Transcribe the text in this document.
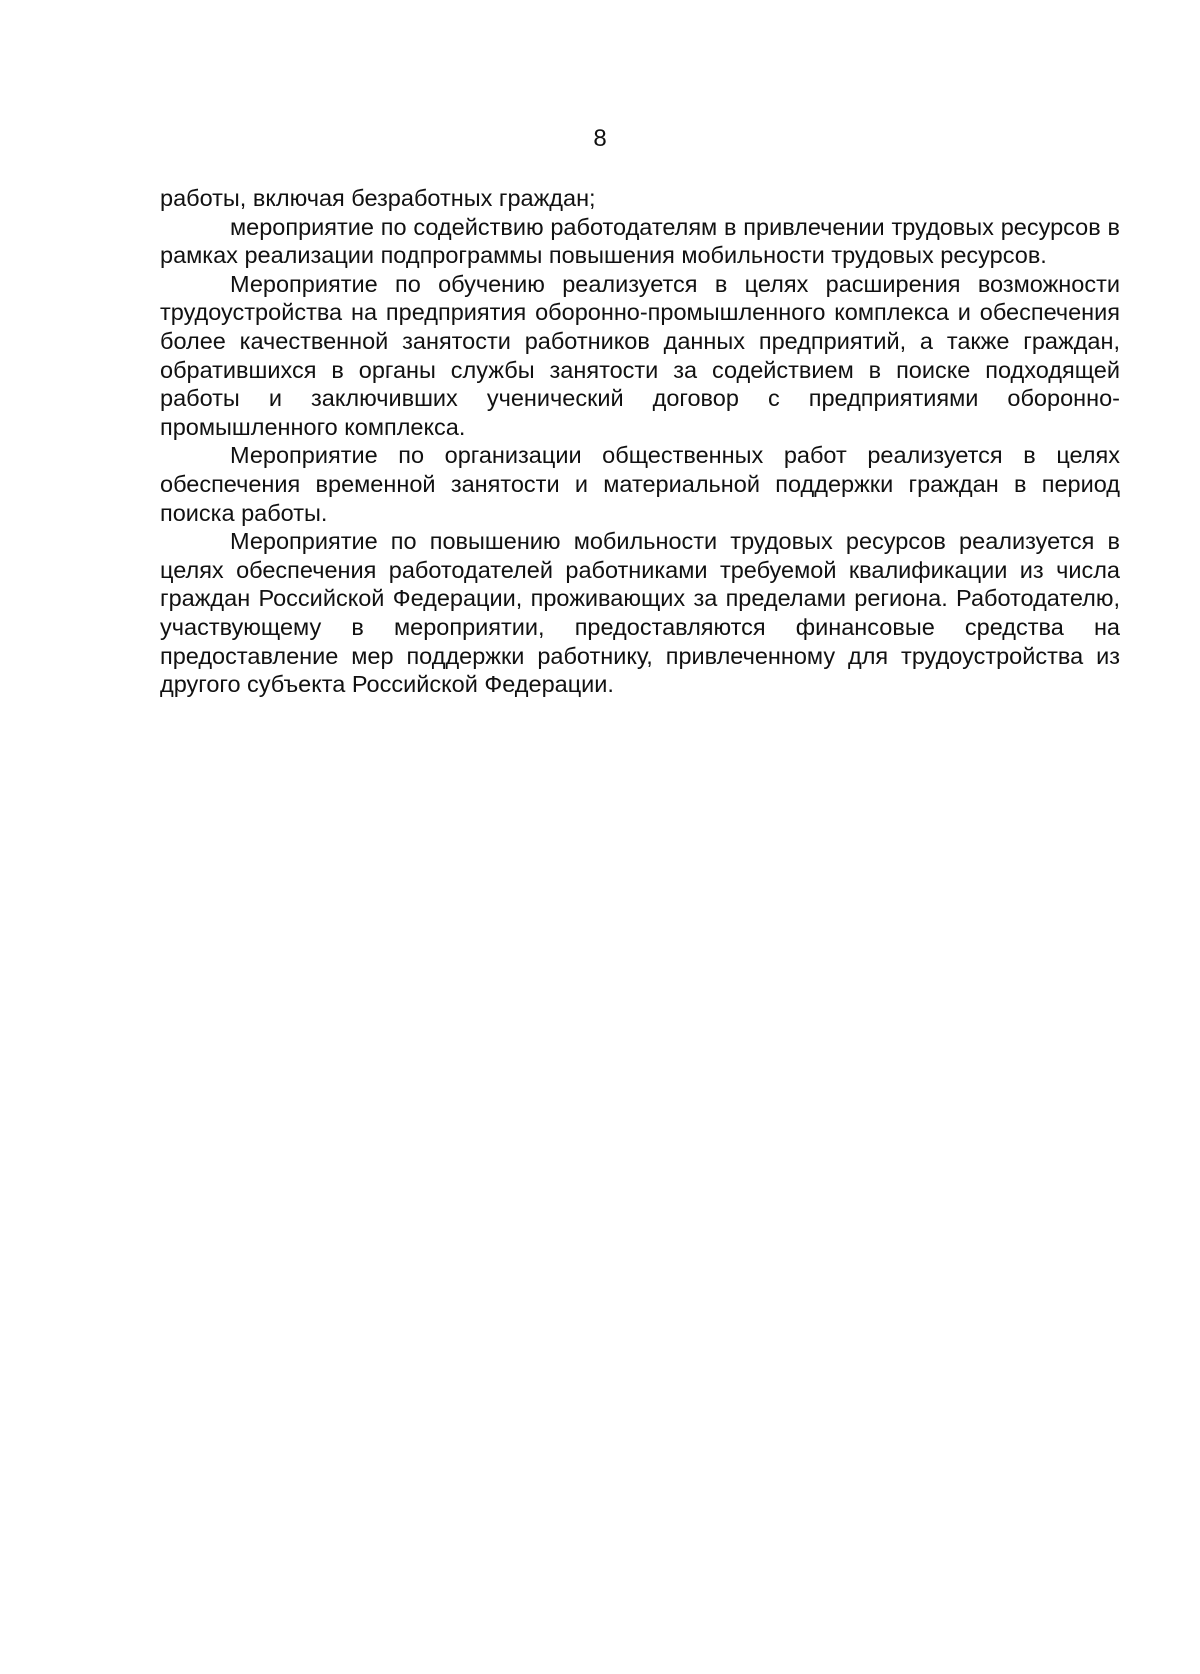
8

работы, включая безработных граждан;

мероприятие по содействию работодателям в привлечении трудовых ресурсов в рамках реализации подпрограммы повышения мобильности трудовых ресурсов.

Мероприятие по обучению реализуется в целях расширения возможности трудоустройства на предприятия оборонно-промышленного комплекса и обеспечения более качественной занятости работников данных предприятий, а также граждан, обратившихся в органы службы занятости за содействием в поиске подходящей работы и заключивших ученический договор с предприятиями оборонно-промышленного комплекса.

Мероприятие по организации общественных работ реализуется в целях обеспечения временной занятости и материальной поддержки граждан в период поиска работы.

Мероприятие по повышению мобильности трудовых ресурсов реализуется в целях обеспечения работодателей работниками требуемой квалификации из числа граждан Российской Федерации, проживающих за пределами региона. Работодателю, участвующему в мероприятии, предоставляются финансовые средства на предоставление мер поддержки работнику, привлеченному для трудоустройства из другого субъекта Российской Федерации.
